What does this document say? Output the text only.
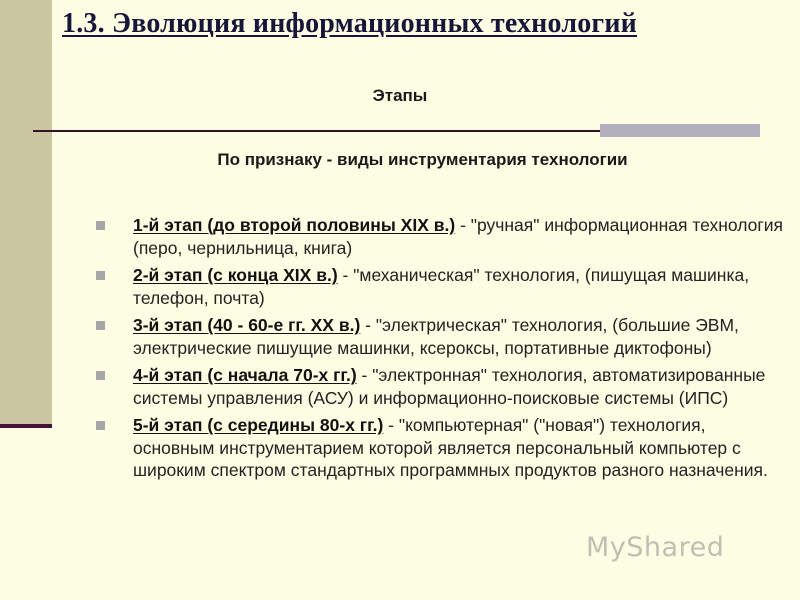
1.3. Эволюция информационных технологий

Этапы

По признаку - виды инструментария технологии

1-й этап (до второй половины XIX в.) - "ручная" информационная технология (перо, чернильница, книга)
2-й этап (с конца XIX в.) - "механическая" технология, (пишущая машинка, телефон, почта)
3-й этап (40 - 60-е гг. XX в.) - "электрическая" технология, (большие ЭВМ, электрические пишущие машинки, ксероксы, портативные диктофоны)
4-й этап (с начала 70-х гг.) - "электронная" технология, автоматизированные системы управления (АСУ) и информационно-поисковые системы (ИПС)
5-й этап (с середины 80-х гг.) - "компьютерная" ("новая") технология, основным инструментарием которой является персональный компьютер с широким спектром стандартных программных продуктов разного назначения.
MyShared
